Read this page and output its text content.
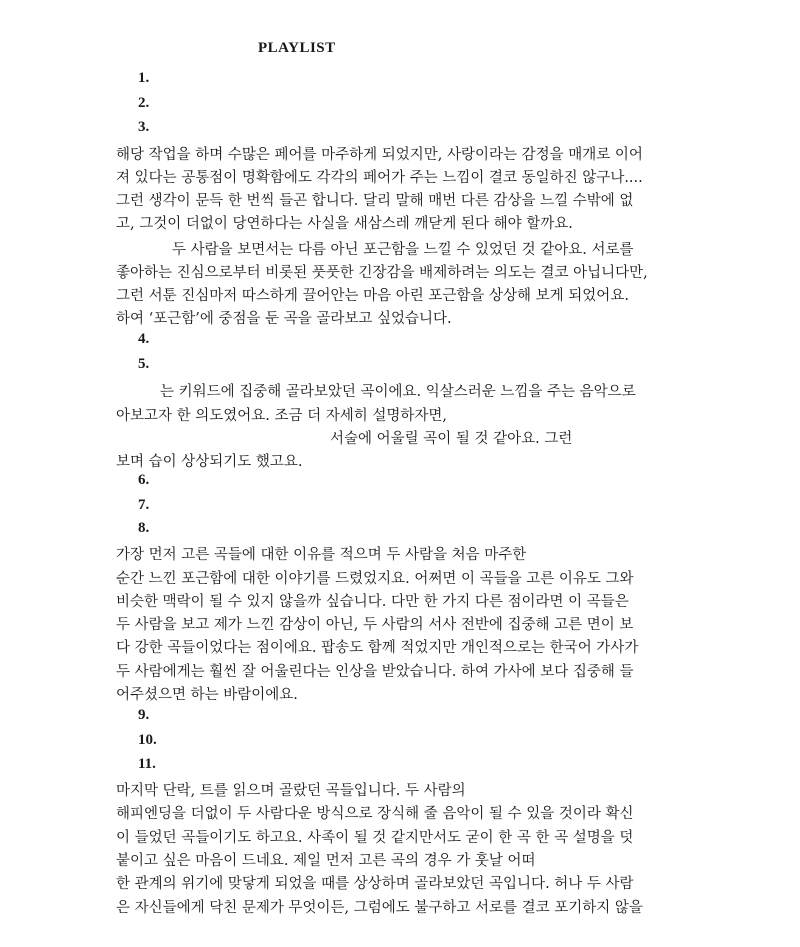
PLAYLIST
1.
2.
3.
해당 작업을 하며 수많은 페어를 마주하게 되었지만, 사랑이라는 감정을 매개로 이어
져 있다는 공통점이 명확함에도 각각의 페어가 주는 느낌이 결코 동일하진 않구나....
그런 생각이 문득 한 번씩 들곤 합니다. 달리 말해 매번 다른 감상을 느낄 수밖에 없
고, 그것이 더없이 당연하다는 사실을 새삼스레 깨닫게 된다 해야 할까요.
두 사람을 보면서는 다름 아닌 포근함을 느낄 수 있었던 것 같아요. 서로를
좋아하는 진심으로부터 비롯된 풋풋한 긴장감을 배제하려는 의도는 결코 아닙니다만,
그런 서툰 진심마저 따스하게 끌어안는 마음 아린 포근함을 상상해 보게 되었어요.
하여 ‘포근함’에 중점을 둔 곡을 골라보고 싶었습니다.
4.
5.
는 키워드에 집중해 골라보았던 곡이에요. 익살스러운 느낌을 주는 음악으로
아보고자 한 의도였어요. 조금 더 자세히 설명하자면,
서술에 어울릴 곡이 될 것 같아요. 그런
보며 습이 상상되기도 했고요.
6.
7.
8.
가장 먼저 고른 곡들에 대한 이유를 적으며 두 사람을 처음 마주한
순간 느낀 포근함에 대한 이야기를 드렸었지요. 어쩌면 이 곡들을 고른 이유도 그와
비슷한 맥락이 될 수 있지 않을까 싶습니다. 다만 한 가지 다른 점이라면 이 곡들은
두 사람을 보고 제가 느낀 감상이 아닌, 두 사람의 서사 전반에 집중해 고른 면이 보
다 강한 곡들이었다는 점이에요. 팝송도 함께 적었지만 개인적으로는 한국어 가사가
두 사람에게는 훨씬 잘 어울린다는 인상을 받았습니다. 하여 가사에 보다 집중해 들
어주셨으면 하는 바람이에요.
9.
10.
11.
마지막 단락, 트를 읽으며 골랐던 곡들입니다. 두 사람의
해피엔딩을 더없이 두 사람다운 방식으로 장식해 줄 음악이 될 수 있을 것이라 확신
이 들었던 곡들이기도 하고요. 사족이 될 것 같지만서도 굳이 한 곡 한 곡 설명을 덧
붙이고 싶은 마음이 드네요. 제일 먼저 고른 곡의 경우 가 훗날 어떠
한 관계의 위기에 맞닿게 되었을 때를 상상하며 골라보았던 곡입니다. 허나 두 사람
은 자신들에게 닥친 문제가 무엇이든, 그럼에도 불구하고 서로를 결코 포기하지 않을
